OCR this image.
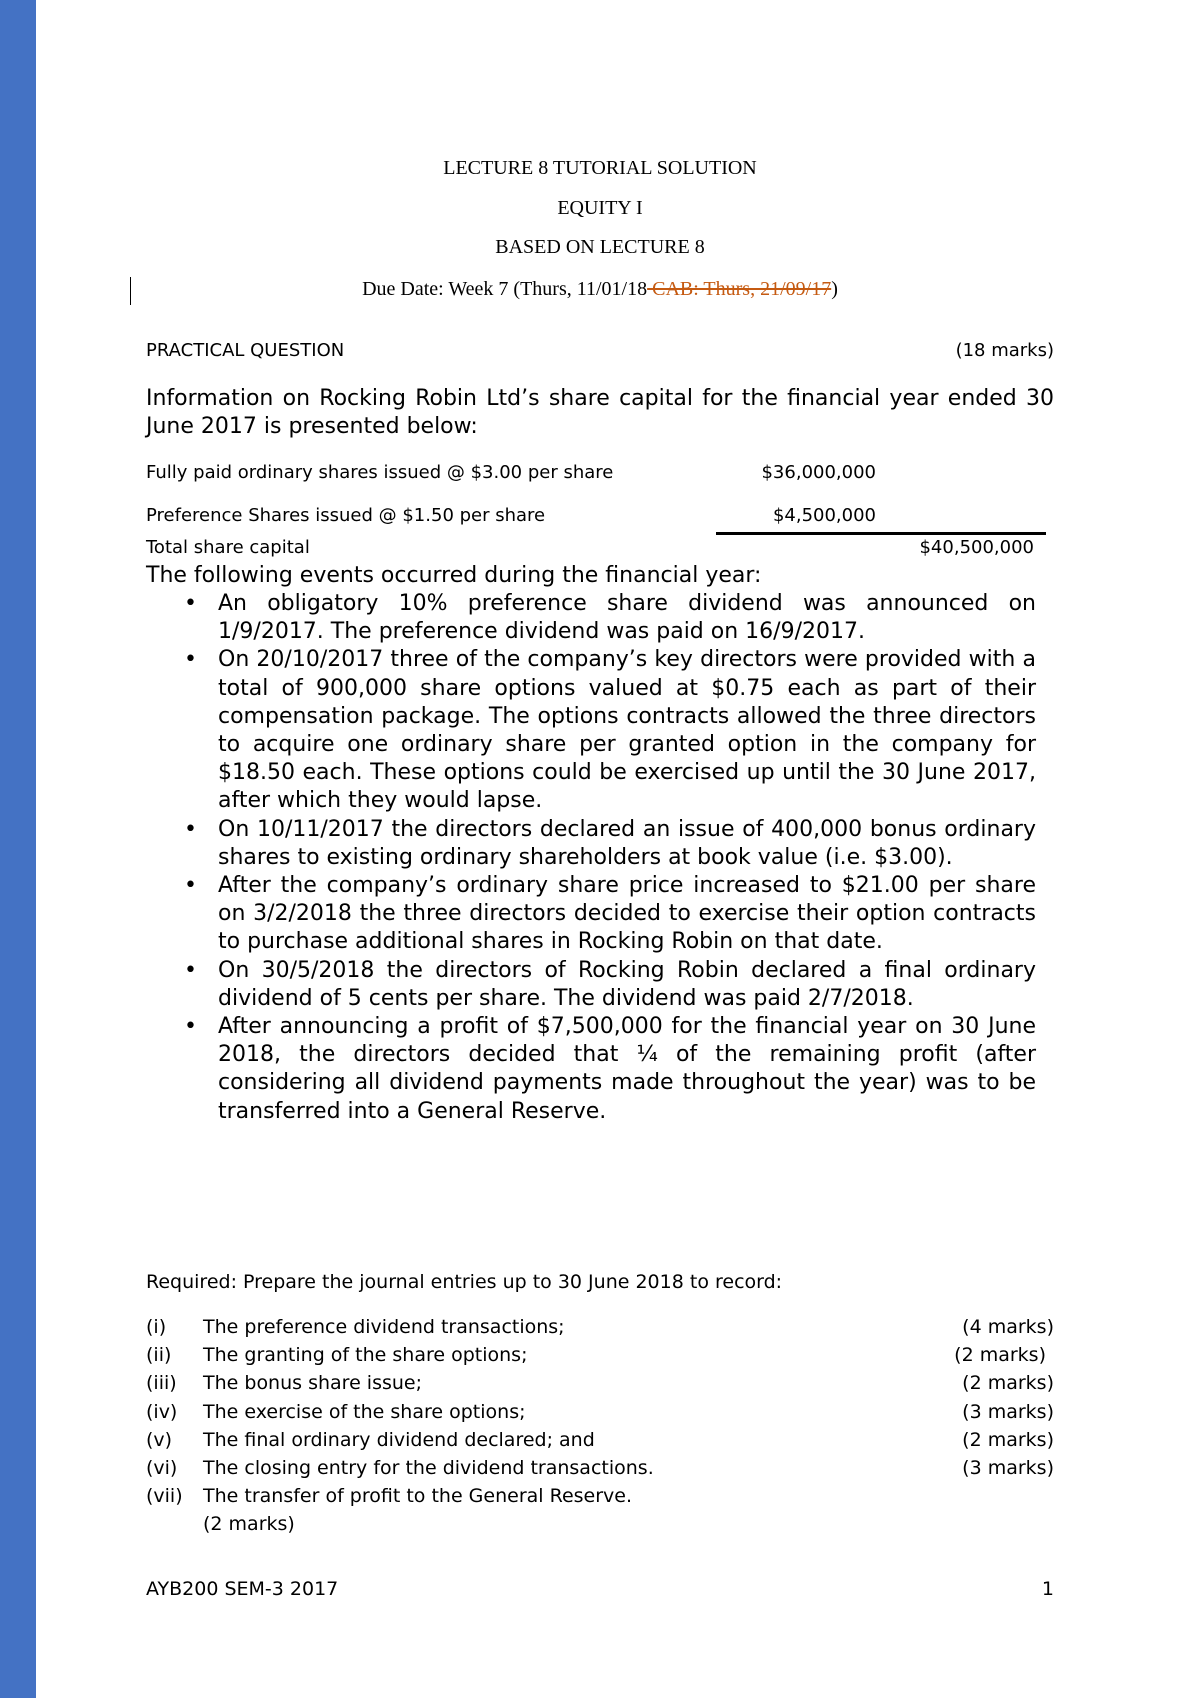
LECTURE 8 TUTORIAL SOLUTION
EQUITY I
BASED ON LECTURE 8
Due Date: Week 7 (Thurs, 11/01/18 CAB: Thurs, 21/09/17)
PRACTICAL QUESTION	(18 marks)
Information on Rocking Robin Ltd’s share capital for the financial year ended 30 June 2017 is presented below:
Fully paid ordinary shares issued @ $3.00 per share	$36,000,000
Preference Shares issued @ $1.50 per share	$4,500,000
Total share capital	$40,500,000
The following events occurred during the financial year:
• An obligatory 10% preference share dividend was announced on 1/9/2017. The preference dividend was paid on 16/9/2017.
• On 20/10/2017 three of the company’s key directors were provided with a total of 900,000 share options valued at $0.75 each as part of their compensation package. The options contracts allowed the three directors to acquire one ordinary share per granted option in the company for $18.50 each. These options could be exercised up until the 30 June 2017, after which they would lapse.
• On 10/11/2017 the directors declared an issue of 400,000 bonus ordinary shares to existing ordinary shareholders at book value (i.e. $3.00).
• After the company’s ordinary share price increased to $21.00 per share on 3/2/2018 the three directors decided to exercise their option contracts to purchase additional shares in Rocking Robin on that date.
• On 30/5/2018 the directors of Rocking Robin declared a final ordinary dividend of 5 cents per share. The dividend was paid 2/7/2018.
• After announcing a profit of $7,500,000 for the financial year on 30 June 2018, the directors decided that ¼ of the remaining profit (after considering all dividend payments made throughout the year) was to be transferred into a General Reserve.
Required: Prepare the journal entries up to 30 June 2018 to record:
(i) The preference dividend transactions;	(4 marks)
(ii) The granting of the share options;	(2 marks)
(iii) The bonus share issue;	(2 marks)
(iv) The exercise of the share options;	(3 marks)
(v) The final ordinary dividend declared; and	(2 marks)
(vi) The closing entry for the dividend transactions.	(3 marks)
(vii) The transfer of profit to the General Reserve.
(2 marks)
AYB200 SEM-3 2017	1
